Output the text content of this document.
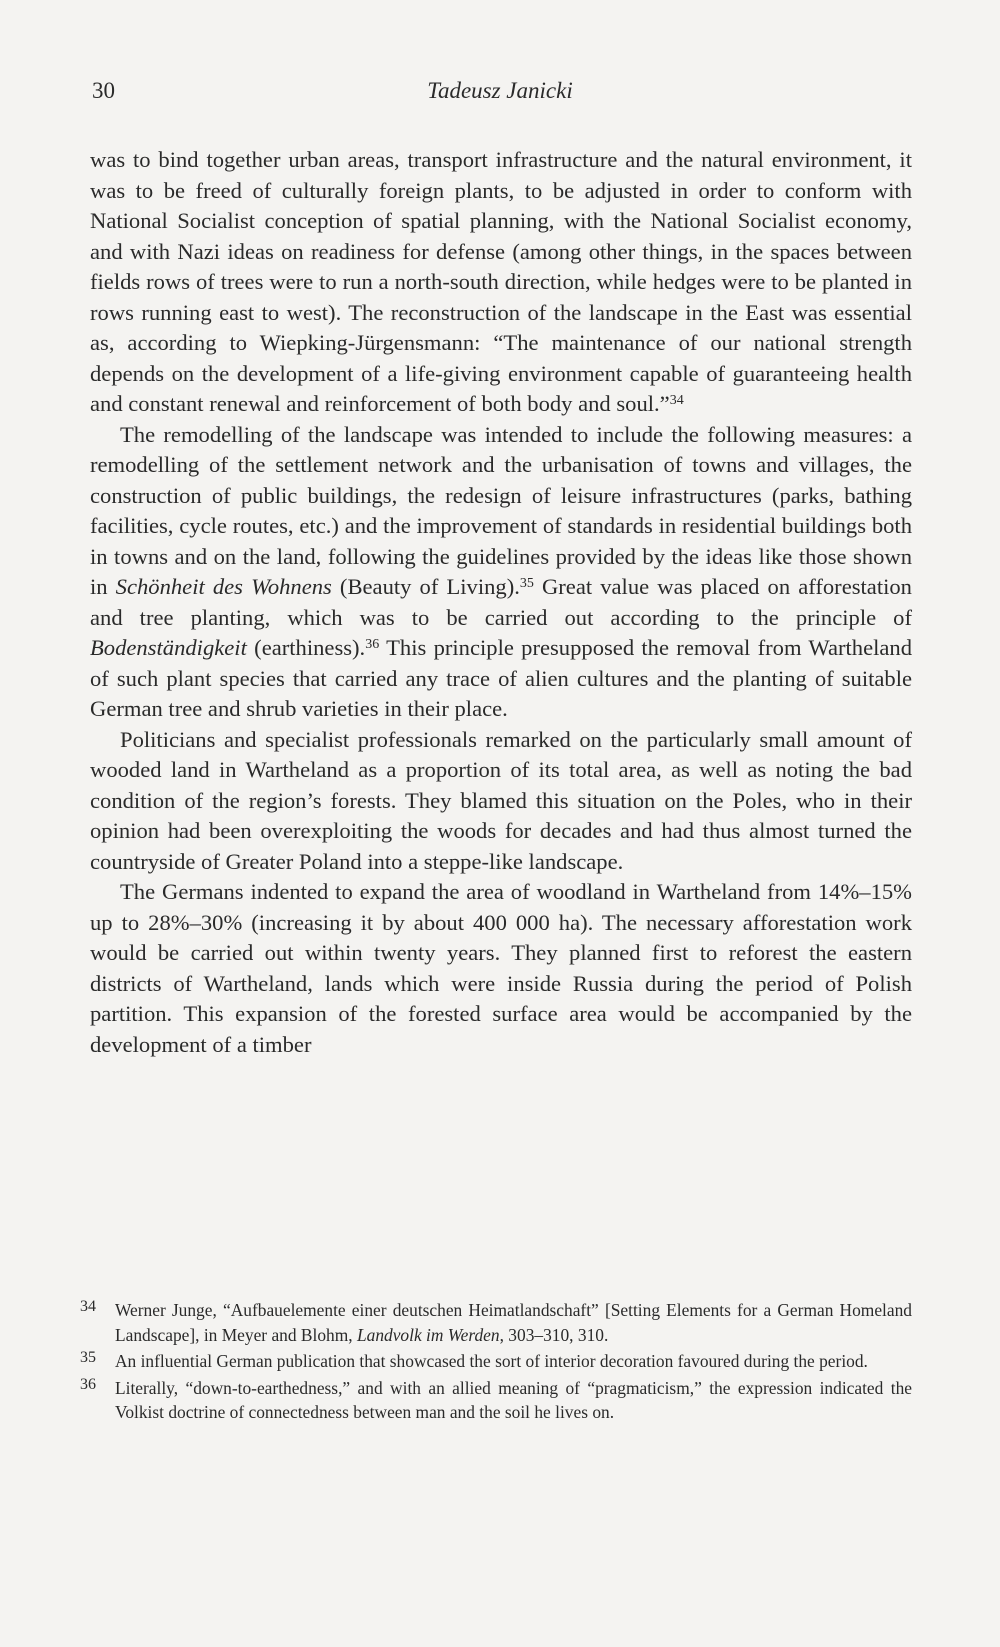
30	Tadeusz Janicki

was to bind together urban areas, transport infrastructure and the natural environment, it was to be freed of culturally foreign plants, to be adjusted in order to conform with National Socialist conception of spatial planning, with the National Socialist economy, and with Nazi ideas on readiness for defense (among other things, in the spaces between fields rows of trees were to run a north-south direction, while hedges were to be planted in rows running east to west). The reconstruction of the landscape in the East was essential as, according to Wiepking-Jürgensmann: “The maintenance of our national strength depends on the development of a life-giving environment capable of guaranteeing health and constant renewal and reinforcement of both body and soul.”$^{34}$

The remodelling of the landscape was intended to include the following measures: a remodelling of the settlement network and the urbanisation of towns and villages, the construction of public buildings, the redesign of leisure infrastructures (parks, bathing facilities, cycle routes, etc.) and the improvement of standards in residential buildings both in towns and on the land, following the guidelines provided by the ideas like those shown in Schönheit des Wohnens (Beauty of Living).$^{35}$ Great value was placed on afforestation and tree planting, which was to be carried out according to the principle of Bodenständigkeit (earthiness).$^{36}$ This principle presupposed the removal from Wartheland of such plant species that carried any trace of alien cultures and the planting of suitable German tree and shrub varieties in their place.

Politicians and specialist professionals remarked on the particularly small amount of wooded land in Wartheland as a proportion of its total area, as well as noting the bad condition of the region’s forests. They blamed this situation on the Poles, who in their opinion had been overexploiting the woods for decades and had thus almost turned the countryside of Greater Poland into a steppe-like landscape.

The Germans indented to expand the area of woodland in Wartheland from 14%–15% up to 28%–30% (increasing it by about 400 000 ha). The necessary afforestation work would be carried out within twenty years. They planned first to reforest the eastern districts of Wartheland, lands which were inside Russia during the period of Polish partition. This expansion of the forested surface area would be accompanied by the development of a timber

34 Werner Junge, “Aufbauelemente einer deutschen Heimatlandschaft” [Setting Elements for a German Homeland Landscape], in Meyer and Blohm, Landvolk im Werden, 303–310, 310.
35 An influential German publication that showcased the sort of interior decoration favoured during the period.
36 Literally, “down-to-earthedness,” and with an allied meaning of “pragmaticism,” the expression indicated the Volkist doctrine of connectedness between man and the soil he lives on.
